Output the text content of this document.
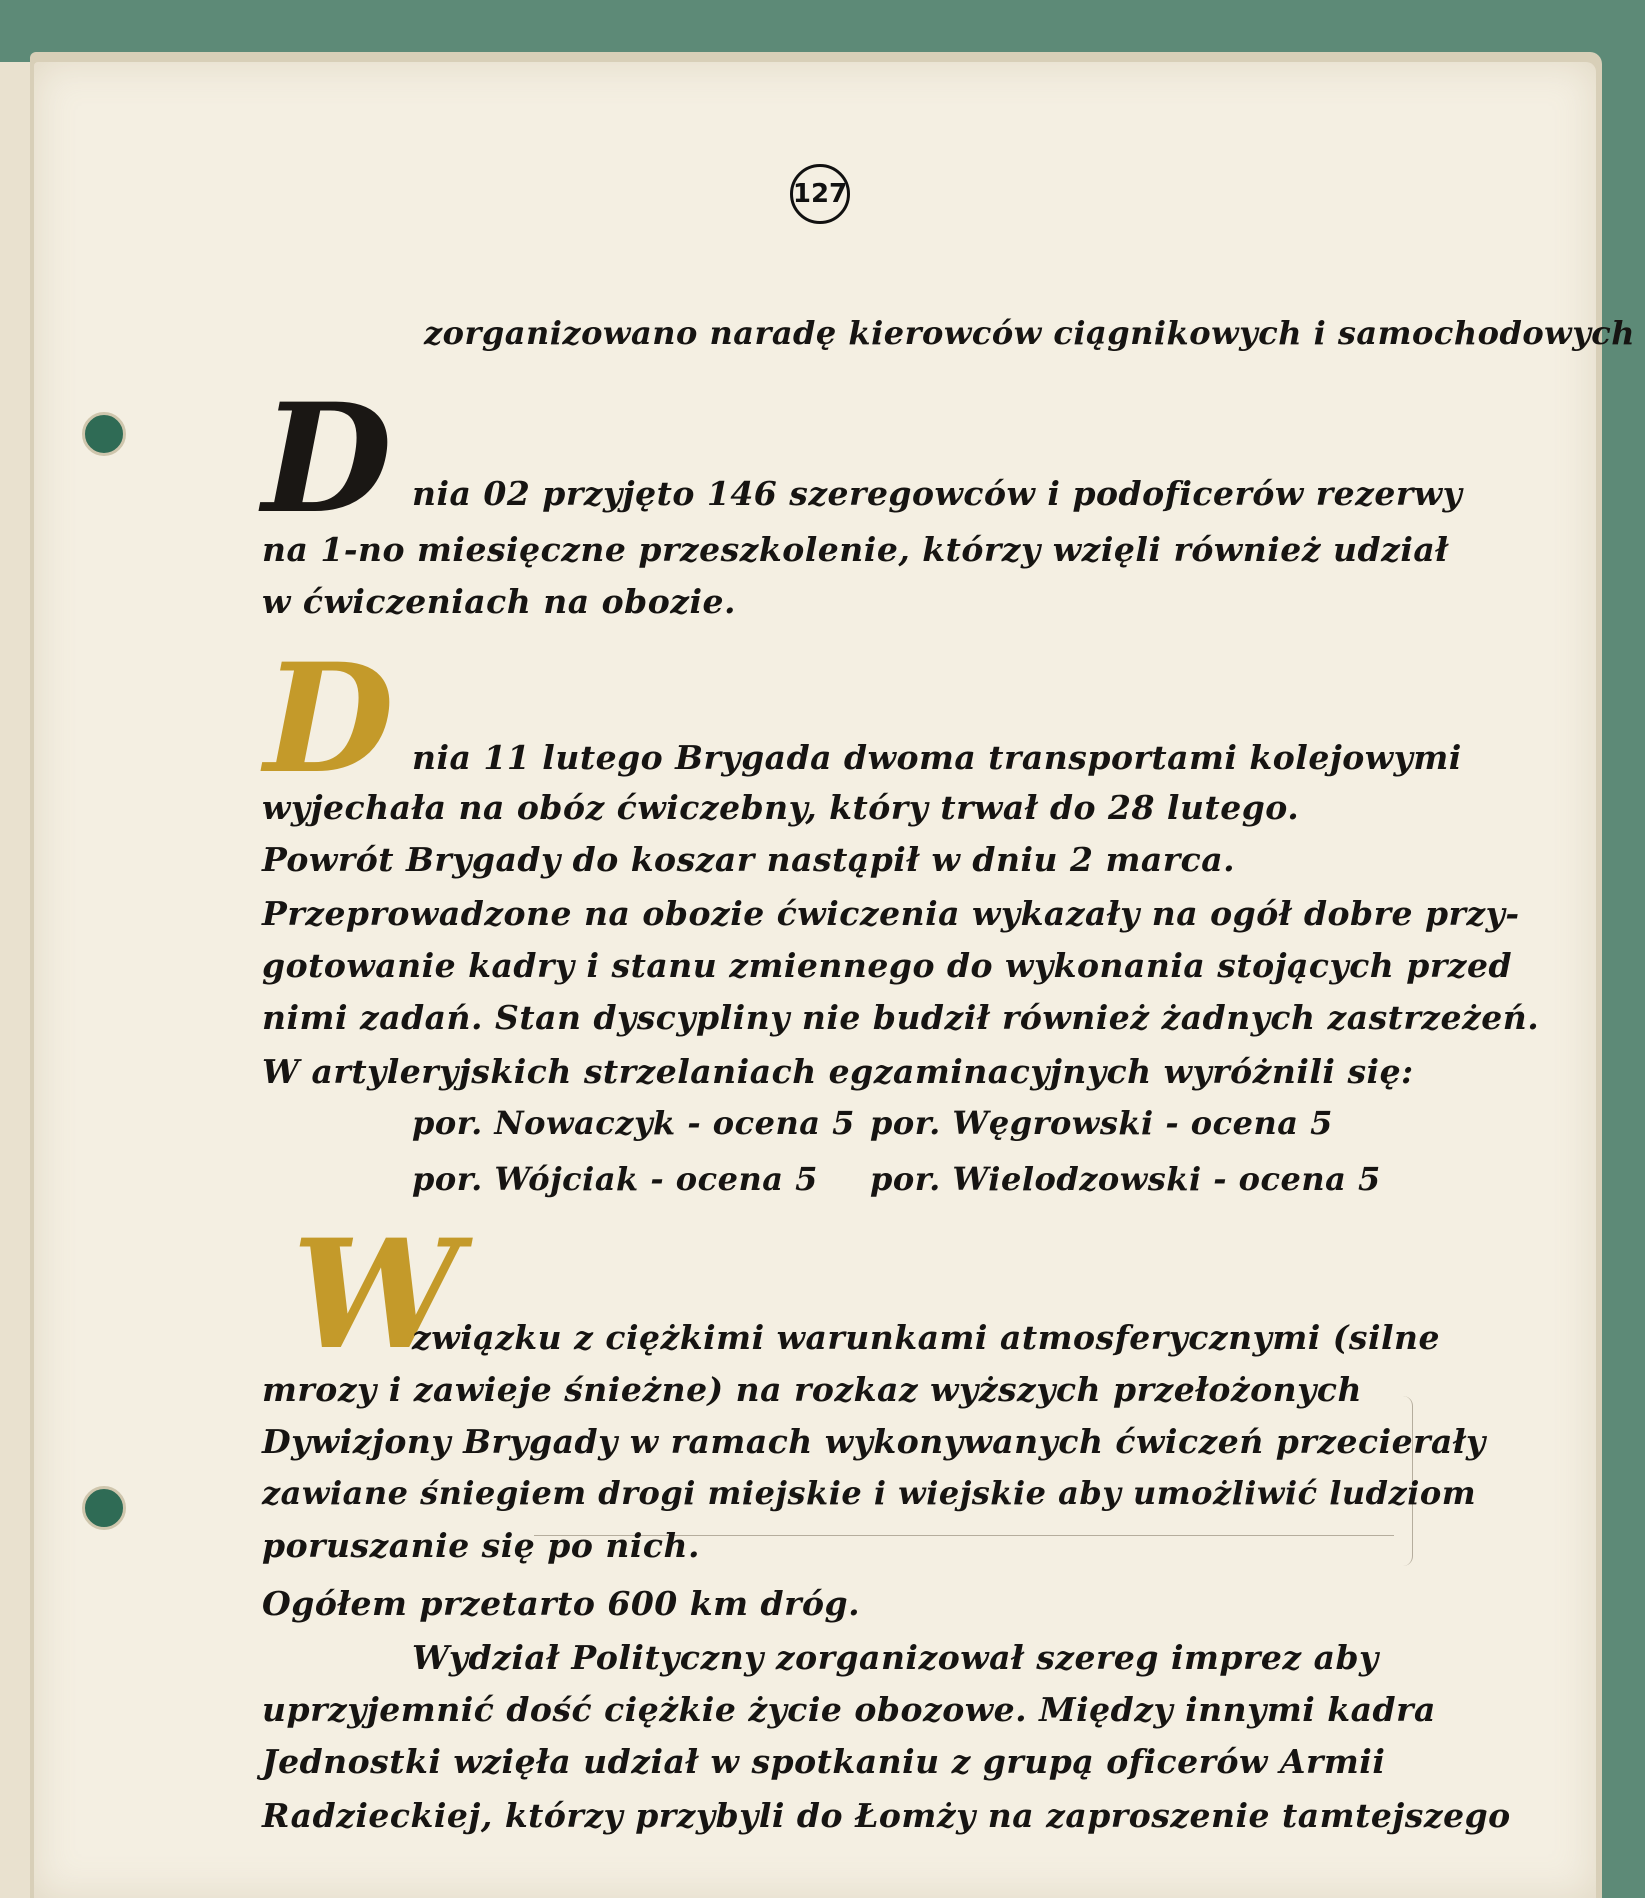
127
zorganizowano naradę kierowców ciągnikowych i samochodowych
D nia 02 przyjęto 146 szeregowców i podoficerów rezerwy
na 1-no miesięczne przeszkolenie, którzy wzięli również udział
w ćwiczeniach na obozie.
D nia 11 lutego Brygada dwoma transportami kolejowymi
wyjechała na obóz ćwiczebny, który trwał do 28 lutego.
Powrót Brygady do koszar nastąpił w dniu 2 marca.
Przeprowadzone na obozie ćwiczenia wykazały na ogół dobre przy-
gotowanie kadry i stanu zmiennego do wykonania stojących przed
nimi zadań. Stan dyscypliny nie budził również żadnych zastrzeżeń.
W artyleryjskich strzelaniach egzaminacyjnych wyróżnili się:
por. Nowaczyk - ocena 5 por. Węgrowski - ocena 5
por. Wójciak - ocena 5 por. Wielodzowski - ocena 5
W
związku z ciężkimi warunkami atmosferycznymi (silne
mrozy i zawieje śnieżne) na rozkaz wyższych przełożonych
Dywizjony Brygady w ramach wykonywanych ćwiczeń przecierały
zawiane śniegiem drogi miejskie i wiejskie aby umożliwić ludziom
poruszanie się po nich.
Ogółem przetarto 600 km dróg.
Wydział Polityczny zorganizował szereg imprez aby
uprzyjemnić dość ciężkie życie obozowe. Między innymi kadra
Jednostki wzięła udział w spotkaniu z grupą oficerów Armii
Radzieckiej, którzy przybyli do Łomży na zaproszenie tamtejszego
